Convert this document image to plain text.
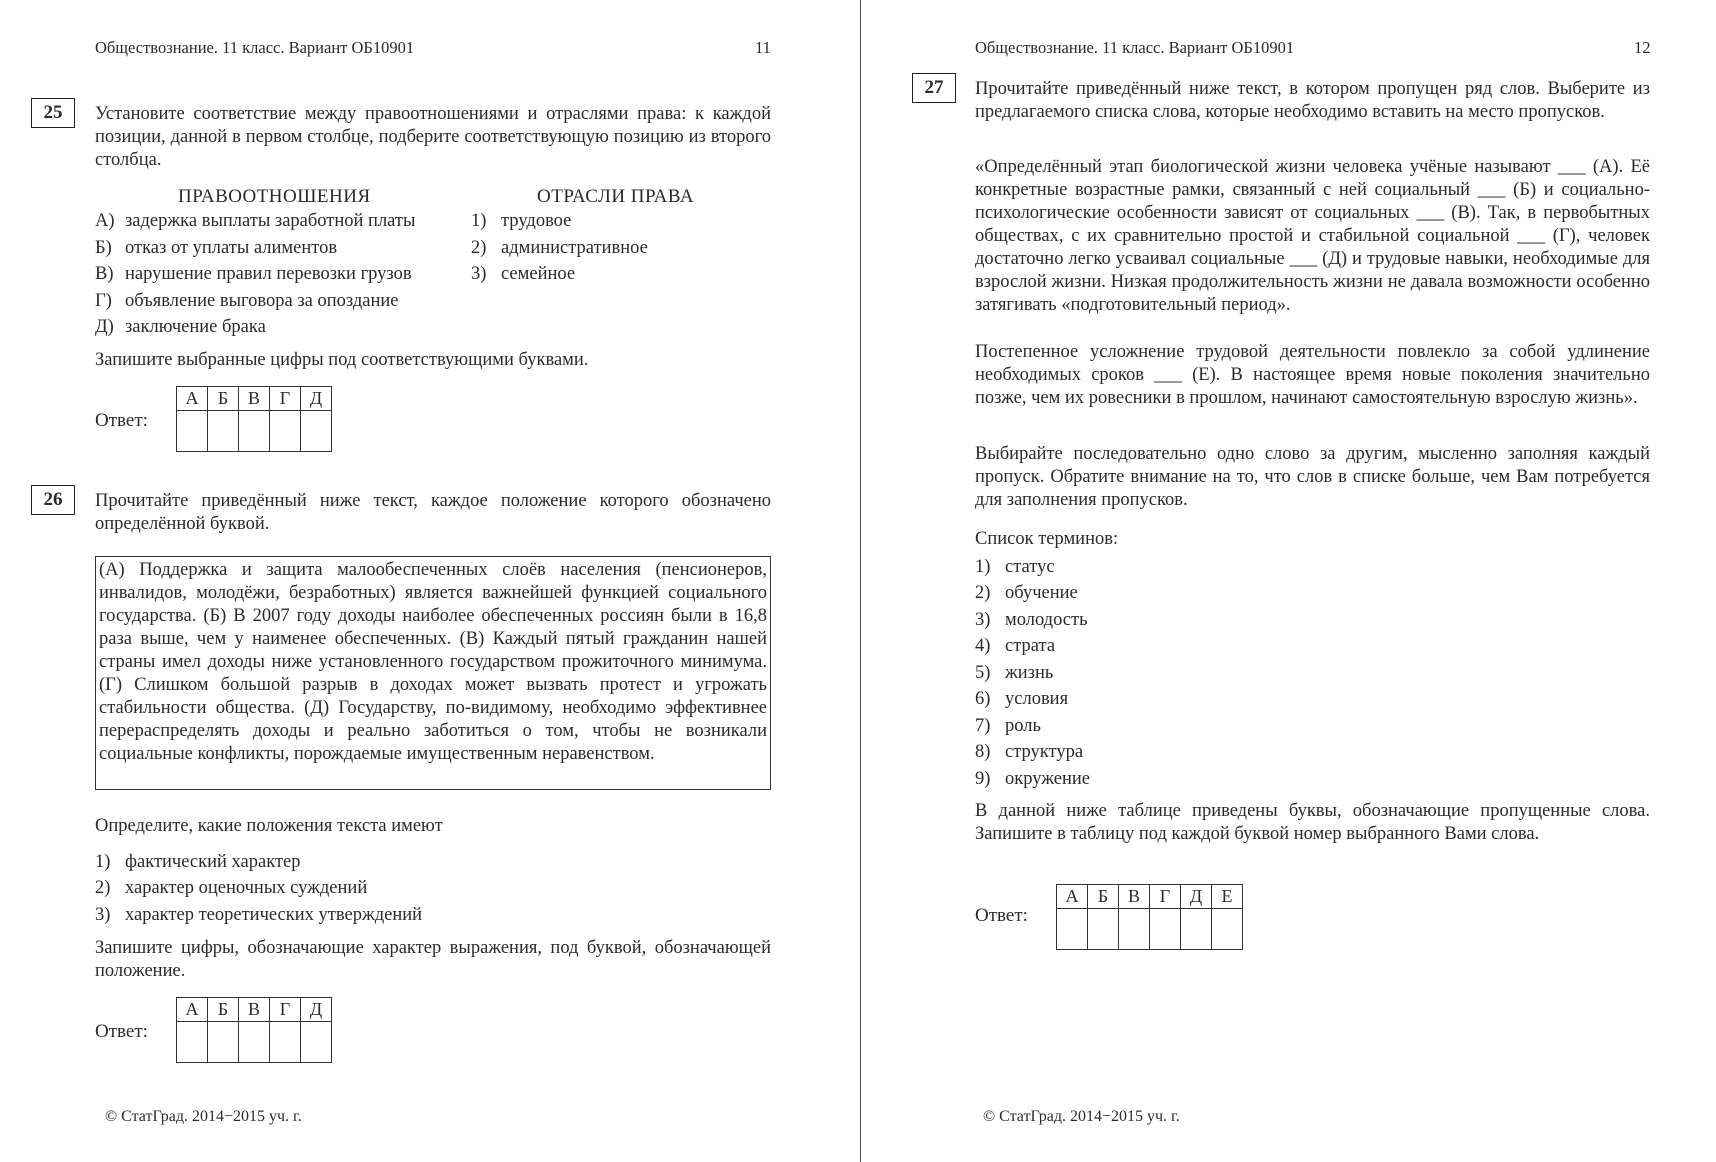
Обществознание. 11 класс. Вариант ОБ10901	11
25	Установите соответствие между правоотношениями и отраслями права: к каждой позиции, данной в первом столбце, подберите соответствующую позицию из второго столбца.
ПРАВООТНОШЕНИЯ	ОТРАСЛИ ПРАВА
А) задержка выплаты заработной платы
Б) отказ от уплаты алиментов
В) нарушение правил перевозки грузов
Г) объявление выговора за опоздание
Д) заключение брака
1) трудовое
2) административное
3) семейное
Запишите выбранные цифры под соответствующими буквами.
Ответ:
А	Б	В	Г	Д

26	Прочитайте приведённый ниже текст, каждое положение которого обозначено определённой буквой.
(А) Поддержка и защита малообеспеченных слоёв населения (пенсионеров, инвалидов, молодёжи, безработных) является важнейшей функцией социального государства. (Б) В 2007 году доходы наиболее обеспеченных россиян были в 16,8 раза выше, чем у наименее обеспеченных. (В) Каждый пятый гражданин нашей страны имел доходы ниже установленного государством прожиточного минимума. (Г) Слишком большой разрыв в доходах может вызвать протест и угрожать стабильности общества. (Д) Государству, по-видимому, необходимо эффективнее перераспределять доходы и реально заботиться о том, чтобы не возникали социальные конфликты, порождаемые имущественным неравенством.
Определите, какие положения текста имеют
1) фактический характер
2) характер оценочных суждений
3) характер теоретических утверждений
Запишите цифры, обозначающие характер выражения, под буквой, обозначающей положение.
Ответ:
А	Б	В	Г	Д

© СтатГрад. 2014−2015 уч. г.
Обществознание. 11 класс. Вариант ОБ10901	12
27	Прочитайте приведённый ниже текст, в котором пропущен ряд слов. Выберите из предлагаемого списка слова, которые необходимо вставить на место пропусков.
«Определённый этап биологической жизни человека учёные называют ___ (А). Её конкретные возрастные рамки, связанный с ней социальный ___ (Б) и социально-психологические особенности зависят от социальных ___ (В). Так, в первобытных обществах, с их сравнительно простой и стабильной социальной ___ (Г), человек достаточно легко усваивал социальные ___ (Д) и трудовые навыки, необходимые для взрослой жизни. Низкая продолжительность жизни не давала возможности особенно затягивать «подготовительный период».
Постепенное усложнение трудовой деятельности повлекло за собой удлинение необходимых сроков ___ (Е). В настоящее время новые поколения значительно позже, чем их ровесники в прошлом, начинают самостоятельную взрослую жизнь».
Выбирайте последовательно одно слово за другим, мысленно заполняя каждый пропуск. Обратите внимание на то, что слов в списке больше, чем Вам потребуется для заполнения пропусков.
Список терминов:
1) статус
2) обучение
3) молодость
4) страта
5) жизнь
6) условия
7) роль
8) структура
9) окружение
В данной ниже таблице приведены буквы, обозначающие пропущенные слова. Запишите в таблицу под каждой буквой номер выбранного Вами слова.
Ответ:
А	Б	В	Г	Д	Е

© СтатГрад. 2014−2015 уч. г.
